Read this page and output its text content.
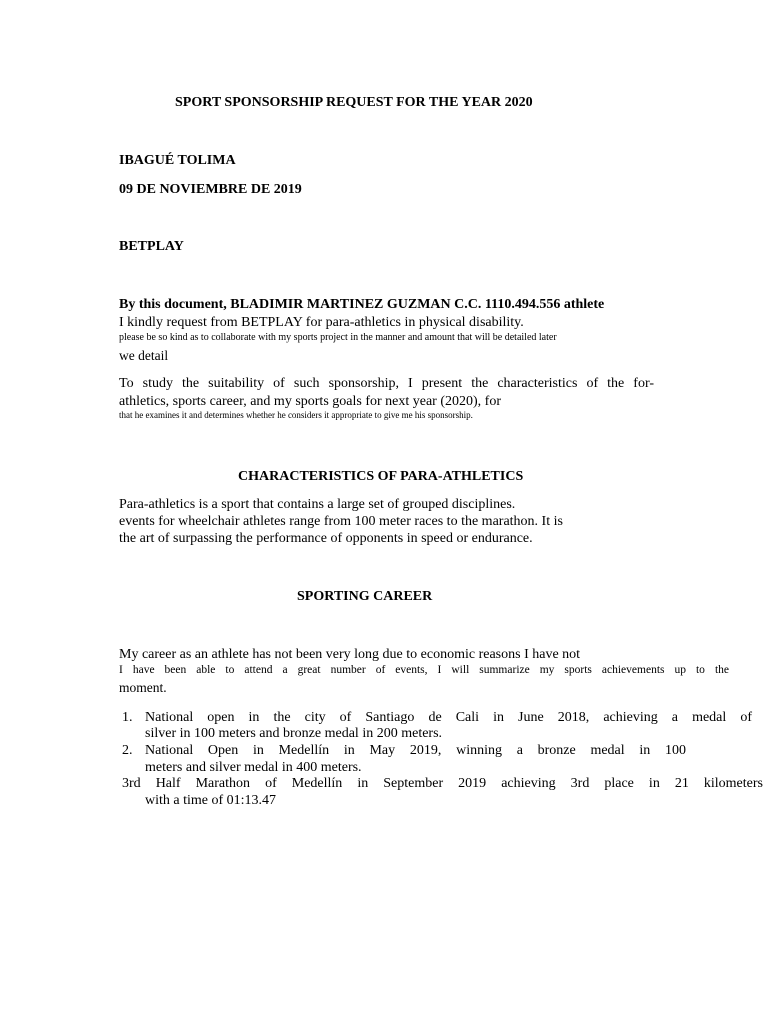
SPORT SPONSORSHIP REQUEST FOR THE YEAR 2020
IBAGUÉ TOLIMA
09 DE NOVIEMBRE DE 2019
BETPLAY
By this document, BLADIMIR MARTINEZ GUZMAN C.C. 1110.494.556 athlete
I kindly request from BETPLAY for para-athletics in physical disability.
please be so kind as to collaborate with my sports project in the manner and amount that will be detailed later
we detail
To study the suitability of such sponsorship, I present the characteristics of the for-
athletics, sports career, and my sports goals for next year (2020), for
that he examines it and determines whether he considers it appropriate to give me his sponsorship.
CHARACTERISTICS OF PARA-ATHLETICS
Para-athletics is a sport that contains a large set of grouped disciplines.
events for wheelchair athletes range from 100 meter races to the marathon. It is
the art of surpassing the performance of opponents in speed or endurance.
SPORTING CAREER
My career as an athlete has not been very long due to economic reasons I have not
I have been able to attend a great number of events, I will summarize my sports achievements up to the
moment.
1. National open in the city of Santiago de Cali in June 2018, achieving a medal of
silver in 100 meters and bronze medal in 200 meters.
2. National Open in Medellín in May 2019, winning a bronze medal in 100
meters and silver medal in 400 meters.
3rd Half Marathon of Medellín in September 2019 achieving 3rd place in 21 kilometers
with a time of 01:13.47
